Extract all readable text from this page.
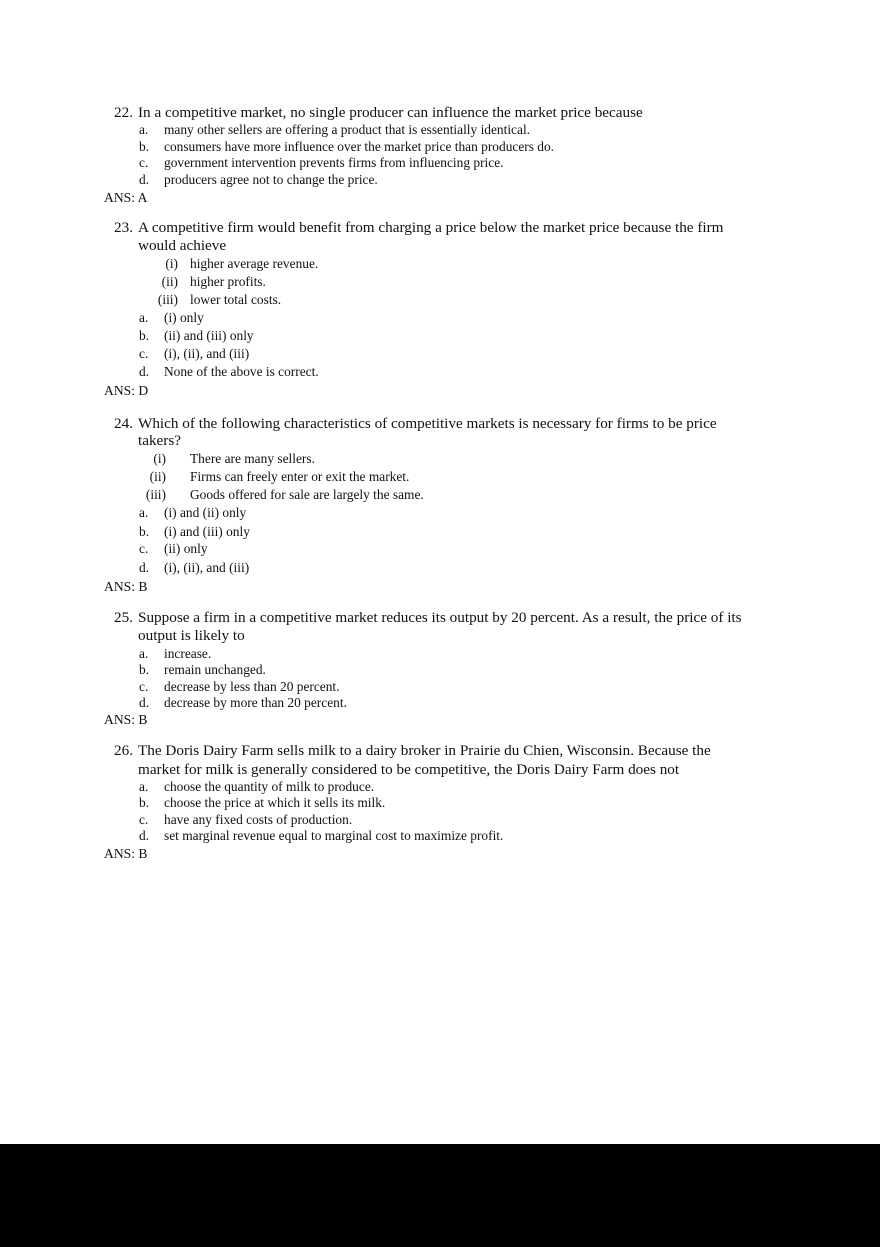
22. In a competitive market, no single producer can influence the market price because
a. many other sellers are offering a product that is essentially identical.
b. consumers have more influence over the market price than producers do.
c. government intervention prevents firms from influencing price.
d. producers agree not to change the price.
ANS: A
23. A competitive firm would benefit from charging a price below the market price because the firm
would achieve
(i) higher average revenue.
(ii) higher profits.
(iii) lower total costs.
a. (i) only
b. (ii) and (iii) only
c. (i), (ii), and (iii)
d. None of the above is correct.
ANS: D
24. Which of the following characteristics of competitive markets is necessary for firms to be price
takers?
(i) There are many sellers.
(ii) Firms can freely enter or exit the market.
(iii) Goods offered for sale are largely the same.
a. (i) and (ii) only
b. (i) and (iii) only
c. (ii) only
d. (i), (ii), and (iii)
ANS: B
25. Suppose a firm in a competitive market reduces its output by 20 percent. As a result, the price of its
output is likely to
a. increase.
b. remain unchanged.
c. decrease by less than 20 percent.
d. decrease by more than 20 percent.
ANS: B
26. The Doris Dairy Farm sells milk to a dairy broker in Prairie du Chien, Wisconsin. Because the
market for milk is generally considered to be competitive, the Doris Dairy Farm does not
a. choose the quantity of milk to produce.
b. choose the price at which it sells its milk.
c. have any fixed costs of production.
d. set marginal revenue equal to marginal cost to maximize profit.
ANS: B
